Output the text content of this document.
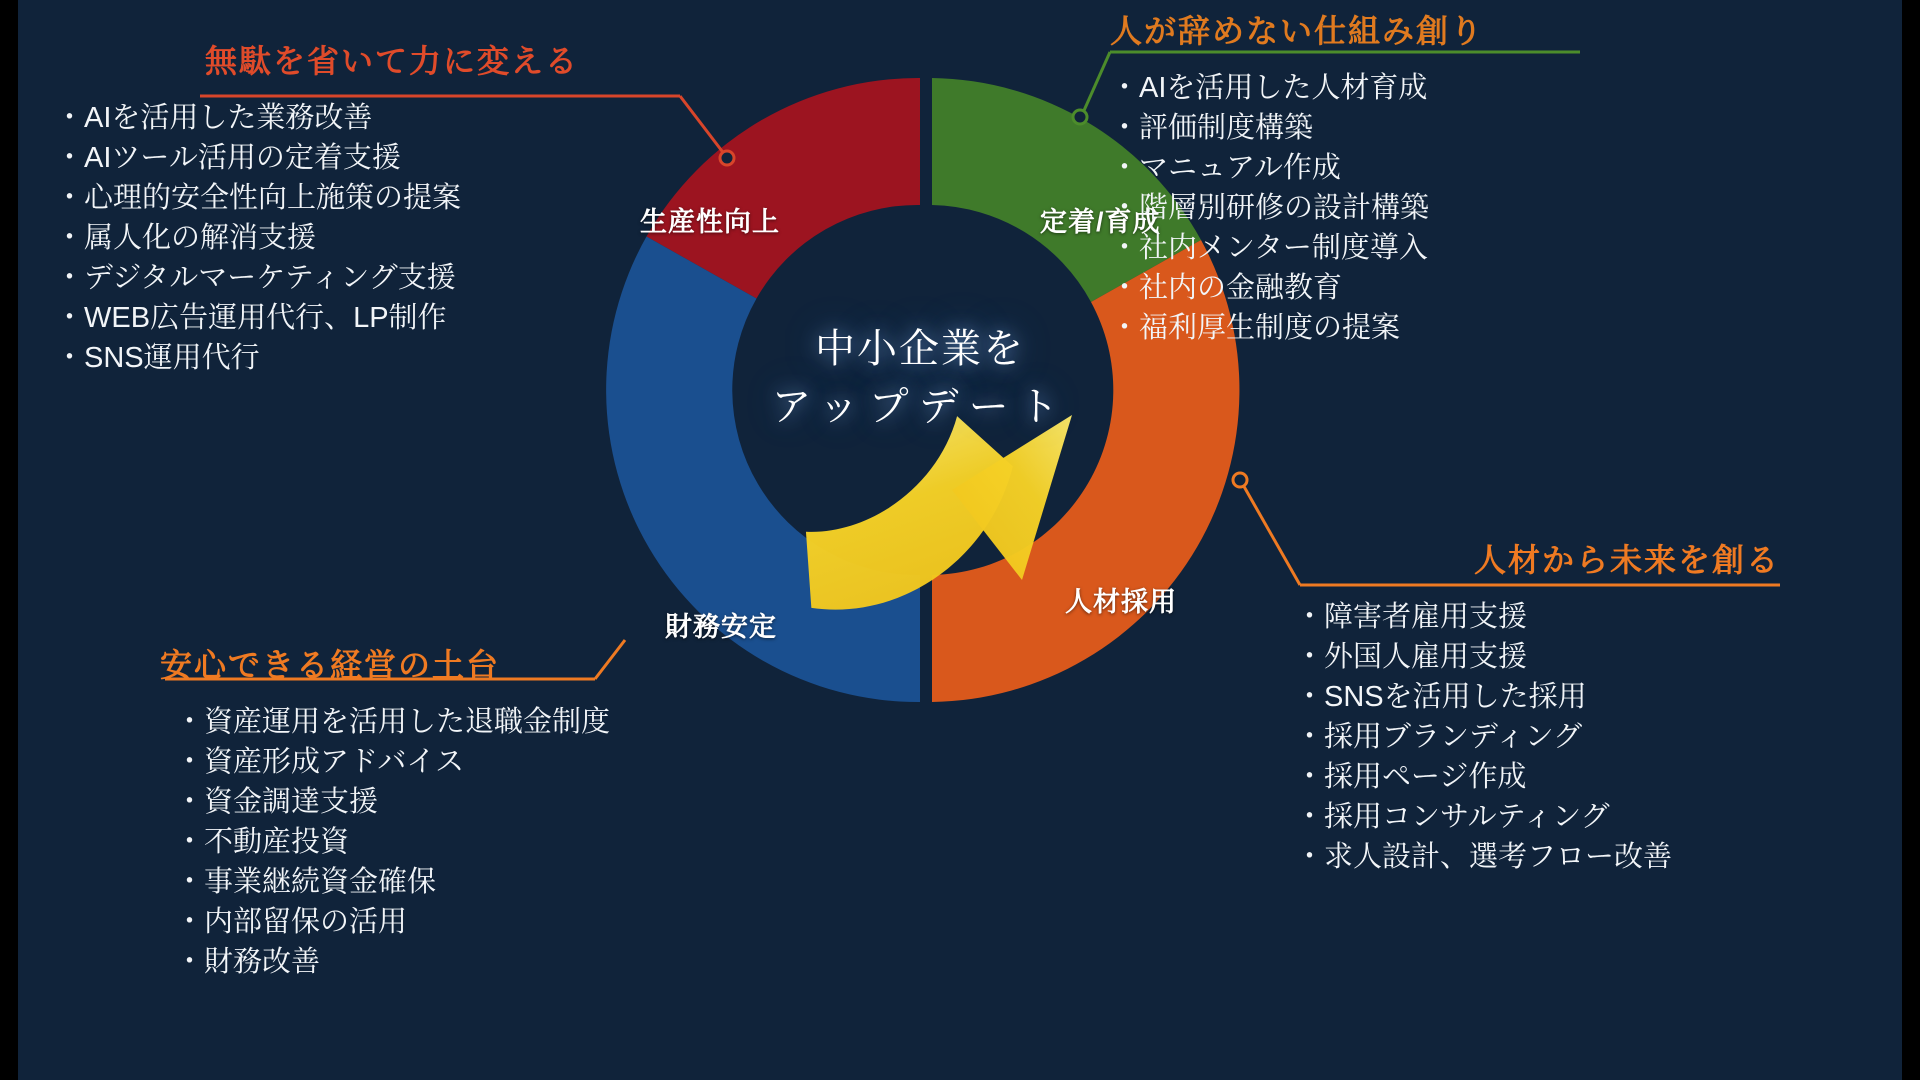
生産性向上	定着/育成
人材採用
財務安定
中小企業を
アップデート
無駄を省いて力に変える
・ AIを活用した業務改善
・ AIツール活用の定着支援
・ 心理的安全性向上施策の提案
・ 属人化の解消支援
・ デジタルマーケティング支援
・ WEB広告運用代行、LP制作
・ SNS運用代行
人が辞めない仕組み創り
・ AIを活用した人材育成
・ 評価制度構築
・ マニュアル作成
・ 階層別研修の設計構築
・ 社内メンター制度導入
・ 社内の金融教育
・ 福利厚生制度の提案
人材から未来を創る
・ 障害者雇用支援
・ 外国人雇用支援
・ SNSを活用した採用
・ 採用ブランディング
・ 採用ページ作成
・ 採用コンサルティング
・ 求人設計、選考フロー改善
安心できる経営の土台
・ 資産運用を活用した退職金制度
・ 資産形成アドバイス
・ 資金調達支援
・ 不動産投資
・ 事業継続資金確保
・ 内部留保の活用
・ 財務改善
